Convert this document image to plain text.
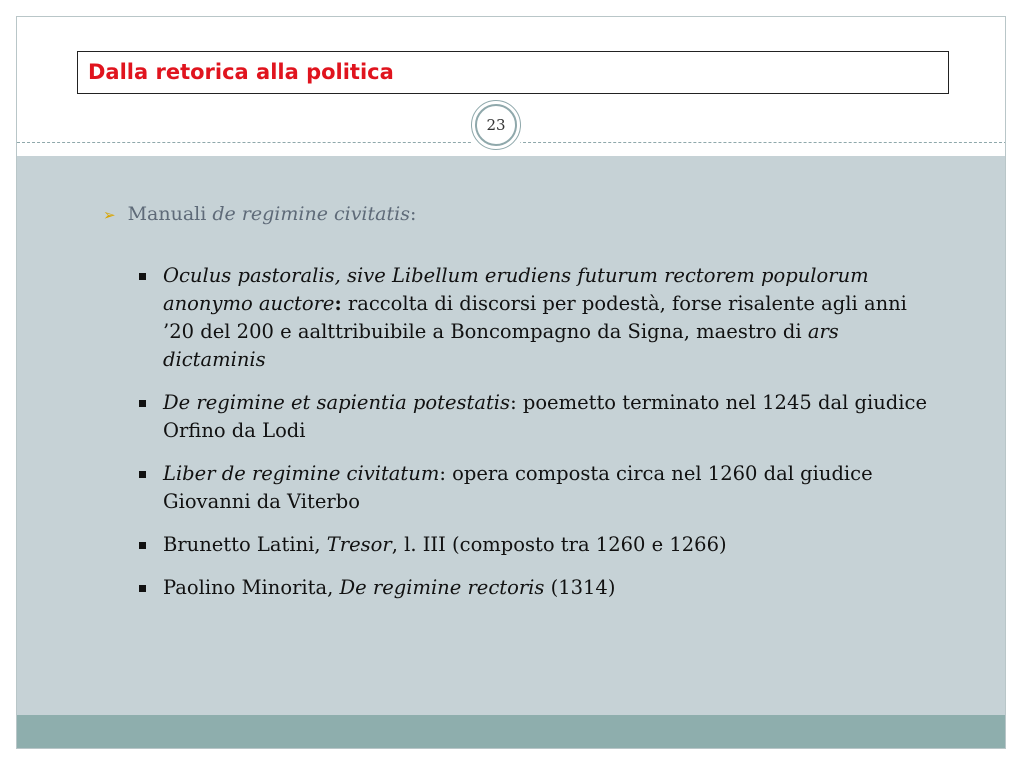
Dalla retorica alla politica
23
➢ Manuali de regimine civitatis:
Oculus pastoralis, sive Libellum erudiens futurum rectorem populorum anonymo auctore: raccolta di discorsi per podestà, forse risalente agli anni ’20 del 200 e aalttribuibile a Boncompagno da Signa, maestro di ars dictaminis
De regimine et sapientia potestatis: poemetto terminato nel 1245 dal giudice Orfino da Lodi
Liber de regimine civitatum: opera composta circa nel 1260 dal giudice Giovanni da Viterbo
Brunetto Latini, Tresor, l. III (composto tra 1260 e 1266)
Paolino Minorita, De regimine rectoris (1314)
